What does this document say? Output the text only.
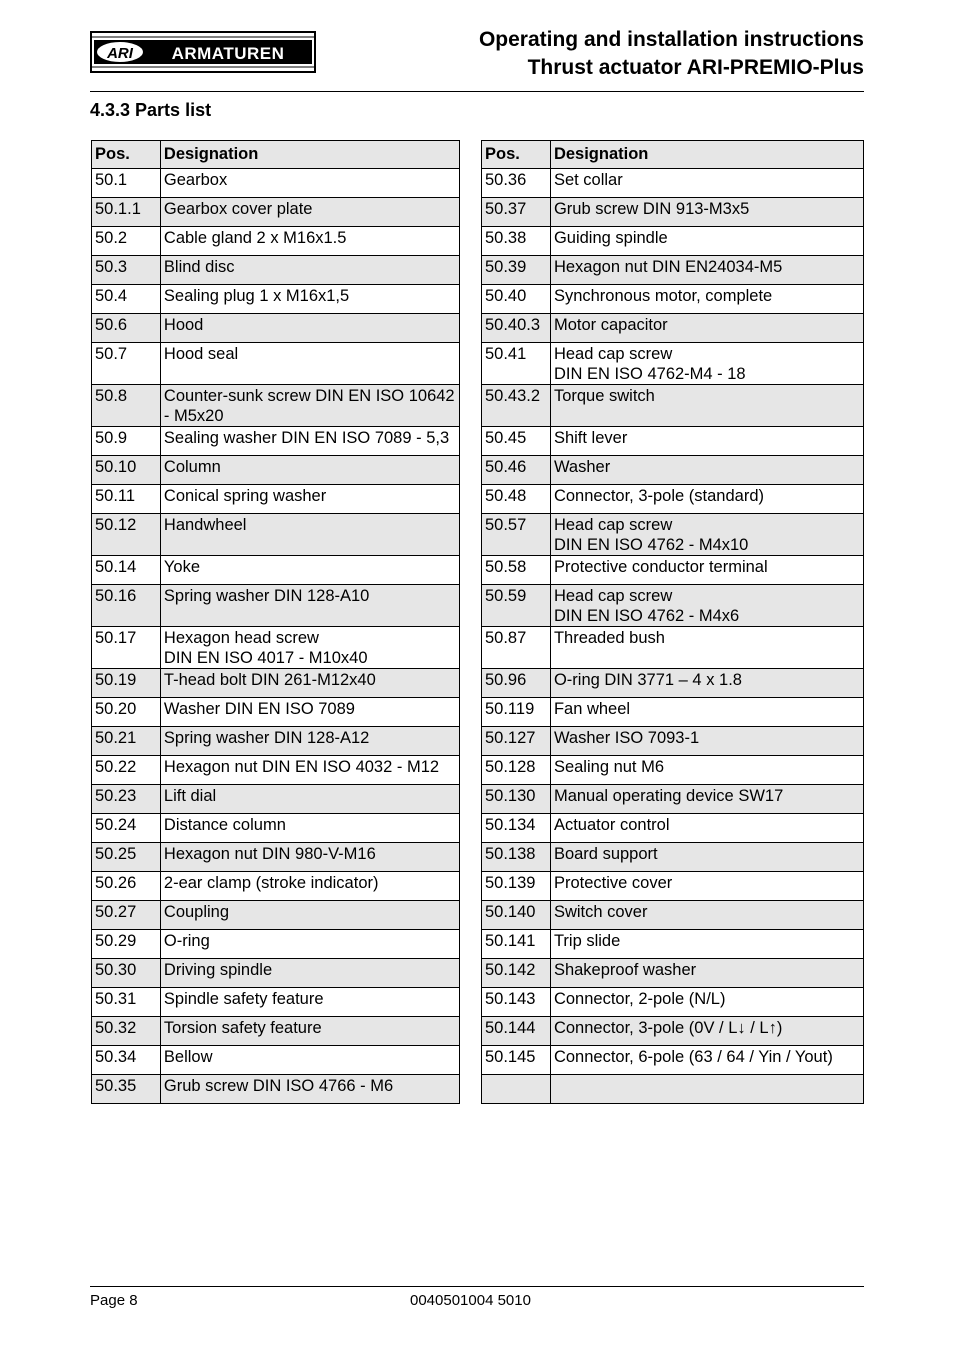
ARI ARMATUREN
Operating and installation instructions
Thrust actuator ARI-PREMIO-Plus
4.3.3 Parts list
Pos.	Designation
50.1	Gearbox
50.1.1	Gearbox cover plate
50.2	Cable gland 2 x M16x1.5
50.3	Blind disc
50.4	Sealing plug 1 x M16x1,5
50.6	Hood
50.7	Hood seal
50.8	Counter-sunk screw DIN EN ISO 10642 - M5x20
50.9	Sealing washer DIN EN ISO 7089 - 5,3
50.10	Column
50.11	Conical spring washer
50.12	Handwheel
50.14	Yoke
50.16	Spring washer DIN 128-A10
50.17	Hexagon head screw
DIN EN ISO 4017 - M10x40
50.19	T-head bolt DIN 261-M12x40
50.20	Washer DIN EN ISO 7089
50.21	Spring washer DIN 128-A12
50.22	Hexagon nut DIN EN ISO 4032 - M12
50.23	Lift dial
50.24	Distance column
50.25	Hexagon nut DIN 980-V-M16
50.26	2-ear clamp (stroke indicator)
50.27	Coupling
50.29	O-ring
50.30	Driving spindle
50.31	Spindle safety feature
50.32	Torsion safety feature
50.34	Bellow
50.35	Grub screw DIN ISO 4766 - M6
Pos.	Designation
50.36	Set collar
50.37	Grub screw DIN 913-M3x5
50.38	Guiding spindle
50.39	Hexagon nut DIN EN24034-M5
50.40	Synchronous motor, complete
50.40.3	Motor capacitor
50.41	Head cap screw
DIN EN ISO 4762-M4 - 18
50.43.2	Torque switch
50.45	Shift lever
50.46	Washer
50.48	Connector, 3-pole (standard)
50.57	Head cap screw
DIN EN ISO 4762 - M4x10
50.58	Protective conductor terminal
50.59	Head cap screw
DIN EN ISO 4762 - M4x6
50.87	Threaded bush
50.96	O-ring DIN 3771 – 4 x 1.8
50.119	Fan wheel
50.127	Washer ISO 7093-1
50.128	Sealing nut M6
50.130	Manual operating device SW17
50.134	Actuator control
50.138	Board support
50.139	Protective cover
50.140	Switch cover
50.141	Trip slide
50.142	Shakeproof washer
50.143	Connector, 2-pole (N/L)
50.144	Connector, 3-pole (0V / L↓ / L↑)
50.145	Connector, 6-pole (63 / 64 / Yin / Yout)

Page 8	0040501004 5010
